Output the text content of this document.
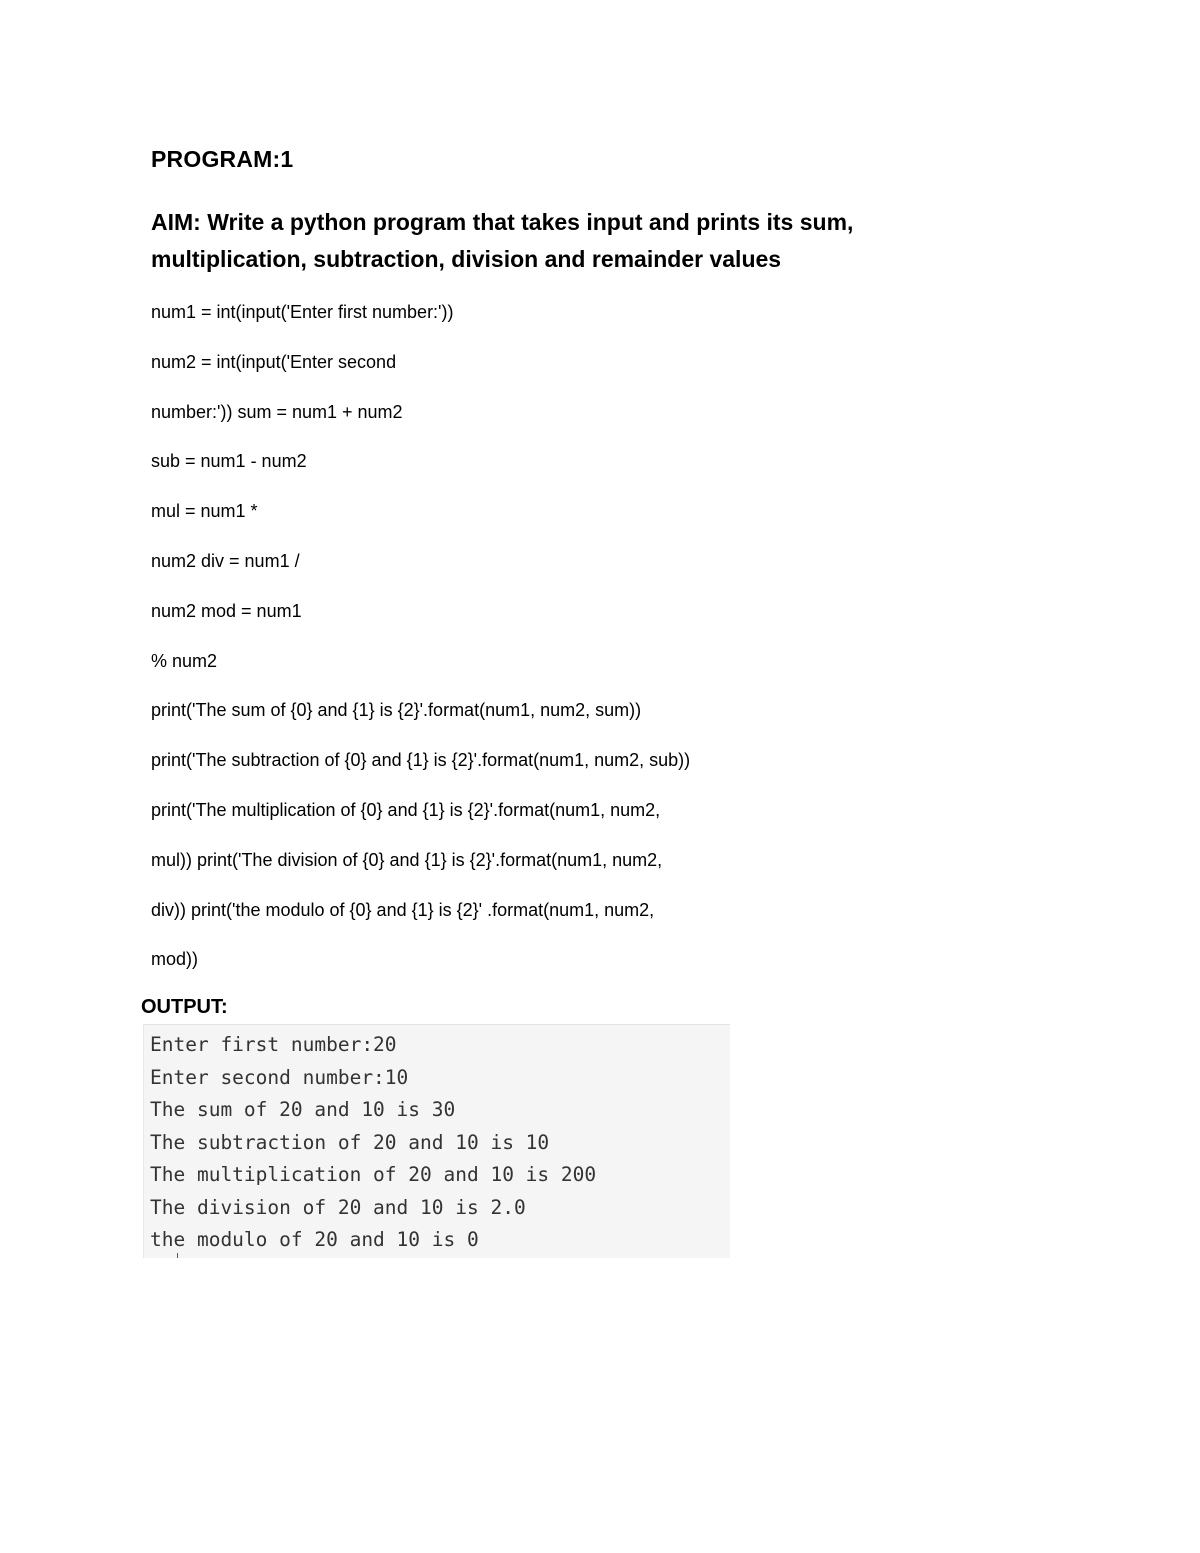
PROGRAM:1
AIM: Write a python program that takes input and prints its sum,
multiplication, subtraction, division and remainder values
num1 = int(input('Enter first number:'))
num2 = int(input('Enter second
number:')) sum = num1 + num2
sub = num1 - num2
mul = num1 *
num2 div = num1 /
num2 mod = num1
% num2
print('The sum of {0} and {1} is {2}'.format(num1, num2, sum))
print('The subtraction of {0} and {1} is {2}'.format(num1, num2, sub))
print('The multiplication of {0} and {1} is {2}'.format(num1, num2,
mul)) print('The division of {0} and {1} is {2}'.format(num1, num2,
div)) print('the modulo of {0} and {1} is {2}' .format(num1, num2,
mod))
OUTPUT:
Enter first number:20
Enter second number:10
The sum of 20 and 10 is 30
The subtraction of 20 and 10 is 10
The multiplication of 20 and 10 is 200
The division of 20 and 10 is 2.0
the modulo of 20 and 10 is 0
